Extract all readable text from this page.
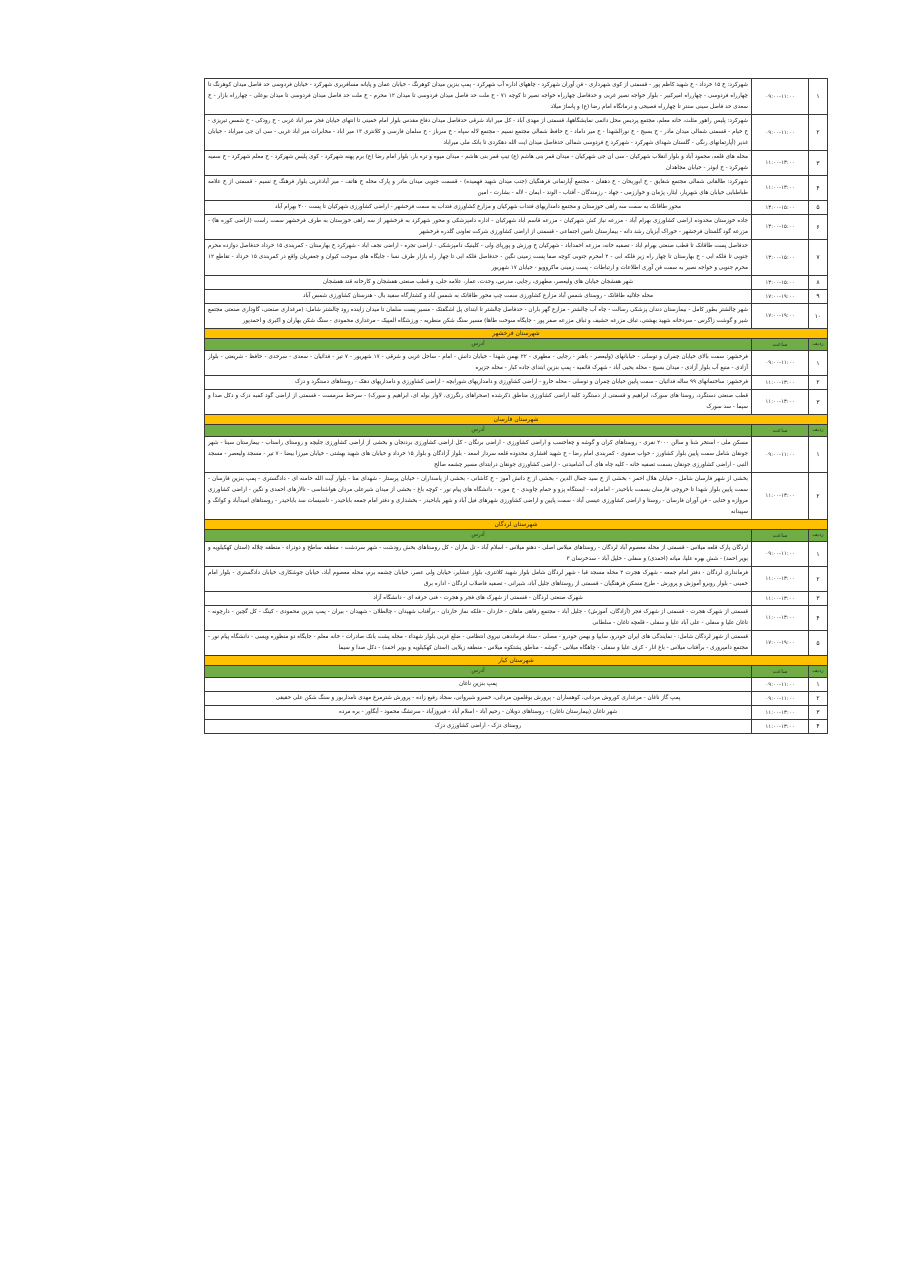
۱	۰۹:۰۰-۱۱:۰۰	شهرکرد: خ ۱۵ خرداد - خ شهید کاظم پور - قسمتی از کوی شهرداری - فن آوران شهرکرد - چاههای اداره آب شهرکرد - پمپ بنزین میدان کوهرنگ - خیابان عمان و پایانه مسافربری شهرکرد - خیابان فردوسی حد فاصل میدان کوهرنگ تا چهارراه فردوسی - چهارراه امیرکبیر - بلوار خواجه نصیر غربی و حدفاصل چهارراه خواجه نصیر تا کوچه ۷۱ - خ ملت حد فاصل میدان فردوسی تا میدان ۱۲ محرم - خ ملت حد فاصل میدان فردوسی تا میدان بوعلی - چهارراه بازار - خ سعدی حد فاصل سینی سنتر تا چهارراه فصیحی و درمانگاه امام رضا (ع) و پاساژ میلاد
۲	۰۹:۰۰-۱۱:۰۰	شهرکرد: پلیس راهور مثلث، خانه معلم، مجتمع پردیس محل دائمی نمایشگاهها، قسمتی از مهدی آباد - کل میر اباد شرقی حدفاصل میدان دفاع مقدس بلوار امام خمینی تا انتهای خیابان فجر میر اباد غربی - خ رودکی - خ شمس تبریزی - خ خیام - قسمتی شمالی میدان مادر - خ بسیج - خ نورالشهدا - خ میر داماد - خ حافظ شمالی مجتمع نسیم - مجتمع لاله سپاه - خ سرباز - خ سلمان فارسی و کلانتری ۱۳ میر اباد - مخابرات میر اباد غربی - سی ان جی میراباد - خیابان غدیر (آپارتمانهای رنگی - گلستان شهدای شهرکرد - شهرکرد خ فردوسی شمالی حدفاصل میدان ایت الله دهکردی تا بانک ملی میراباد
۳	۱۱:۰۰-۱۳:۰۰	محله های قلعه، محمود آباد و بلوار انقلاب شهرکیان - سی ان جی شهرکیان - میدان قمر بنی هاشم (ع) تیپ قمر بنی هاشم - میدان میوه و تره بار، بلوار امام رضا (ع) برم پهنه شهرکرد - کوی پلیس شهرکرد - خ معلم شهرکرد - خ سمیه شهرکرد - خ ابوذر - خیابان مجاهدان
۴	۱۱:۰۰-۱۳:۰۰	شهرکرد: طالقانی شمالی مجتمع شقایق - خ ابوریحان - خ دهقان - مجتمع آپارتمانی فرهنگیان (جنب میدان شهید فهمیده) - قسمت جنوبی میدان مادر و پارک محله خ هاتف - میر آبادغربی بلوار فرهنگ خ نسیم - قسمتی از خ علامه طباطبایی خیابان های شهریار، ایثار، پژمان و خوارزمی - جهاد - رزمندگان - آفتاب - الوند - ایمان - لاله - بشارت - امین
۵	۱۳:۰۰-۱۵:۰۰	محور طاقانک به سمت سه راهی خوزستان و مجتمع دامداریهای فتداب شهرکیان و مزارع کشاورزی فتداب به سمت فرخشهر - اراضی کشاورزی شهرکیان تا پست ۴۰۰ بهرام آباد
۶	۱۳:۰۰-۱۵:۰۰	جاده خوزستان محدوده اراضی کشاورزی بهرام آباد - مزرعه نیاز کش شهرکیان - مزرعه قاسم اباد شهرکیان - اداره دامپزشکی و محور شهرکرد به فرخشهر از سه راهی خوزستان به طرف فرخشهر سمت راست (اراضی کوره ها) - مزرعه گود گلستان فرخشهر - خوراک آبزیان رشد دانه - بیمارستان تامین اجتماعی - قسمتی از اراضی کشاورزی شرکت تعاونی گلدره فرخشهر
۷	۱۳:۰۰-۱۵:۰۰	حدفاصل پست طاقانک تا قطب صنعتی بهرام اباد - تصفیه خانه، مزرعه احمداباد - شهرکیان خ ورزش و پورپای ولی - کلینیک دامپزشکی - اراضی تجره - اراضی نجف اباد - شهرکرد خ بهارستان - کمربندی ۱۵ خرداد حدفاصل دوازده محرم جنوبی تا فلکه ابی - خ بهارستان تا چهار راه زیر فلکه ابی - ۲ امحرم جنوبی کوچه صفا پست زمینی نگین - حدفاصل فلکه ابی تا چهار راه بازار طرف نسا - جایگاه های سوخت کیوان و جعفریان واقع در کمربندی ۱۵ خرداد - تقاطع ۱۲ محرم جنوبی و خواجه نصیر به سمت فن آوری اطلاعات و ارتباطات - پست زمینی ماکروویو - خیابان ۱۷ شهریور
۸	۱۳:۰۰-۱۵:۰۰	شهر هفشجان خیابان های ولیعصر، مطهری، رجایی، مدرس، وحدت، عمار، علامه حلی، و قطب صنعتی هفشجان و کارخانه قند هفشجان
۹	۱۷:۰۰-۱۹:۰۰	محله جلالیه طاقانک - روستای شمس آباد مزارع کشاورزی سمت چپ محور طاقانک به شمس آباد و کشتارگاه سفید بال - هنرستان کشاورزی شمس آباد
۱۰	۱۷:۰۰-۱۹:۰۰	شهر چالشتر بطور کامل - بیمارستان دندان پزشکی رسالت - چاه آب چالشتر - مزارع گهر باران - حدفاصل چالشتر تا ابتدای پل اشگفتک - مسیر پست سلمان تا میدان زاینده رود چالشتر شامل: (مرغداری صنعتی، گاوداری صنعتی مجتمع شیر و گوشت زاگرس - سردخانه شهید بهشتی، تباف مزرعه حشیف و تباف مزرعه صفر پور - جایگاه سوخت طاها) مسیر سنگ شکن منظریه - ورزشگاه المپیک - مرغداری محمودی - سنگ شکن بهاران و اکبری و احمدپور
شهرستان فرخشهر		
ردیف	ساعت	آدرس
۱	۰۹:۰۰-۱۱:۰۰	فرخشهر: سمت بالای خیابان چمران و توسلی - خیابانهای (ولیعصر - باهنر - رجایی - مطهری - ۲۲ بهمن شهدا - خیابان دانش - امام - ساحل غربی و شرقی - ۱۷ شهریور - ۷ تیر - فدائیان - سعدی - سرحدی - حافظ - شریعتی - بلوار آزادی - منبع آب بلوار آزادی - میدان بسیج - محله یحیی آباد - شهرک قائمیه - پمپ بنزین ابتدای جاده کبار - محله جزیره
۲	۱۱:۰۰-۱۳:۰۰	فرخشهر: ساختمانهای ۹۹ ساله فدائیان - سمت پایین خیابان چمران و توسلی - محله خارو - اراضی کشاورزی و دامداریهای شورابچه - اراضی کشاورزی و دامداریهای دهک - روستاهای دستگرد و دزک
۳	۱۱:۰۰-۱۳:۰۰	قطب صنعتی دستگرد، روستا های سورک، ابراهیم و قسمتی از دستگرد کلیه اراضی کشاورزی مناطق ذکرشده (صحراهای رنگرزی، لاوار بوله ای، ابراهیم و سورک) - سرخط سرمست - قسمتی از اراضی گود کمبه دزک و دکل صدا و سیما - سد سورک
شهرستان فارسان		
ردیف	ساعت	آدرس
۱	۰۹:۰۰-۱۱:۰۰	مسکن ملی - استخر شنا و سالن ۲۰۰۰ نفری - روستاهای کران و گوشه و چغاخسب و اراضی کشاورزی - اراضی برنگان - کل اراضی کشاورزی بردنجان و بخشی از اراضی کشاورزی جلیچه و روستای راستاب - بیمارستان سینا - شهر جونقان شامل سمت پایین بلوار کشاورز - خواب صفوی - کمربندی امام رضا - خ شهید افشاری محدوده قلعه سردار اسعد - بلوار آزادگان و بلوار ۱۵ خرداد و خیابان های شهید بهشتی - خیابان میرزا بیضا - ۷ تیر - مسجد ولیعصر - مسجد النبی - اراضی کشاورزی جونقان بسمت تصفیه خانه - کلیه چاه های آب آشامیدنی - اراضی کشاورزی جونقان درابتدای مسیر چشمه صالح
۲	۱۱:۰۰-۱۳:۰۰	بخشی از شهر فارسان شامل - خیابان هلال احمر - بخشی از خ سید جمال الدین - بخشی از خ دانش آموز - خ کاشانی - بخشی از پاسداران - خیابان پرستار - شهدای منا - بلوار آیت الله خامنه ای - دادگستری - پمپ بنزین فارسان - سمت پایین بلوار شهدا تا خروجی فارسان بسمت باباحیدر - امامزاده - ایستگاه پزو و حمام چاوبدی - خ موزه - دانشگاه های پیام نور - کوچه باغ - بخشی از میدان شیرعلی مردان هواشناسی - تالارهای احمدی و نگین - اراضی کشاورزی مروازه و ختایی - فن آوران فارسان - روستا و اراضی کشاورزی عیسی آباد - سمت پایین و اراضی کشاورزی شهرهای فیل آباد و شهر باباحیدر - بخشداری و دفتر امام جمعه باباحیدر - تاسیسات سد باباحیدر - روستاهای امیدآباد و کوانگ و سپیدانه
شهرستان لردگان		
ردیف	ساعت	آدرس
۱	۰۹:۰۰-۱۱:۰۰	لردگان پارک قلعه میلاس - قسمتی از محله معصوم آباد لردگان - روستاهای میلاس اصلی - دهنو میلاس - اسلام آباد - تل ماران - کل روستاهای بخش رودشت - شهر سردشت - منطقه ساطح و دودراء - منطقه چلاله (استان کهکیلویه و بویر احمد) - شش بهره علیا، میانه (احمدی) و سفلی - خلیل آباد - سدخرسان ۳
۲	۱۱:۰۰-۱۳:۰۰	فرمانداری لردگان - دفتر امام جمعه - شهرک هجرت ۲ محله مسجد قبا - شهر لردگان شامل بلوار شهید کلانتری، بلوار عشایر، خیابان ولی عصر، خیابان چشمه برم، محله معصوم آباد، خیابان جوشکاری، خیابان دادگستری - بلوار امام خمینی - بلوار روبرو آموزش و پرورش - طرح مسکن فرهنگیان - قسمتی از روستاهای جلیل آباد، شیرانی - تصفیه فاضلاب لردگان - اداره برق
۳	۱۱:۰۰-۱۳:۰۰	شهرک صنعتی لردگان - قسمتی از شهرک های فجر و هجرت - فنی حرفه ای - دانشگاه آزاد
۴	۱۱:۰۰-۱۳:۰۰	قسمتی از شهرک هجرت - قسمتی از شهرک فجر (آزادگان، آموزش) - جلیل آباد - مجتمع رفاهی ماهان - خاردان - فلکه نماز خاردان - برآفتاب شهیدان - چالطلان - شهیدان - بیران - پمپ بنزین محمودی - کینگ - کل گچین - دارچونه - تاغان علیا و سفلی - علی آباد علیا و سفلی - قلعچه تاغان - سلطانی
۵	۱۷:۰۰-۱۹:۰۰	قسمتی از شهر لردگان شامل: - نمایندگی های ایران خودرو، سایپا و بهمن خودرو - مصلی - ستاد فرماندهی نیروی انتظامی - ضلع غربی بلوار شهداء - محله پشت بانک صادرات - خانه معلم - جایگاه دو منظوره ویسی - دانشگاه پیام نور - مجتمع دامپروری - برآفتاب میلاس - باغ انار - کرف علیا و سفلی - چاهگاه میلاس - گوشه - مناطق پشتکوه میلاس - منطقه زیلایی (استان کهکیلویه و بویر احمد) - دکل صدا و سیما
شهرستان کیار		
ردیف	ساعت	آدرس
۱	۰۹:۰۰-۱۱:۰۰	پمپ بنزین ناغان
۲	۰۹:۰۰-۱۱:۰۰	پمپ گاز ناغان - مرغداری کوروش مردانی، کوهساران - پرورش بوقلمون مردانی، خسرو شیروانی، سجاد رفیع زاده - پرورش شترمرغ مهدی نامداربور و سنگ شکن علی حقیقی
۳	۱۱:۰۰-۱۳:۰۰	شهر ناغان (بیمارستان ناغان) - روستاهای دوبلان - رحیم آباد - اسلام آباد - فیروزآباد - سرتشگ محمود - آبگاور - بره مرده
۴	۱۱:۰۰-۱۳:۰۰	روستای دزک - اراضی کشاورزی دزک
